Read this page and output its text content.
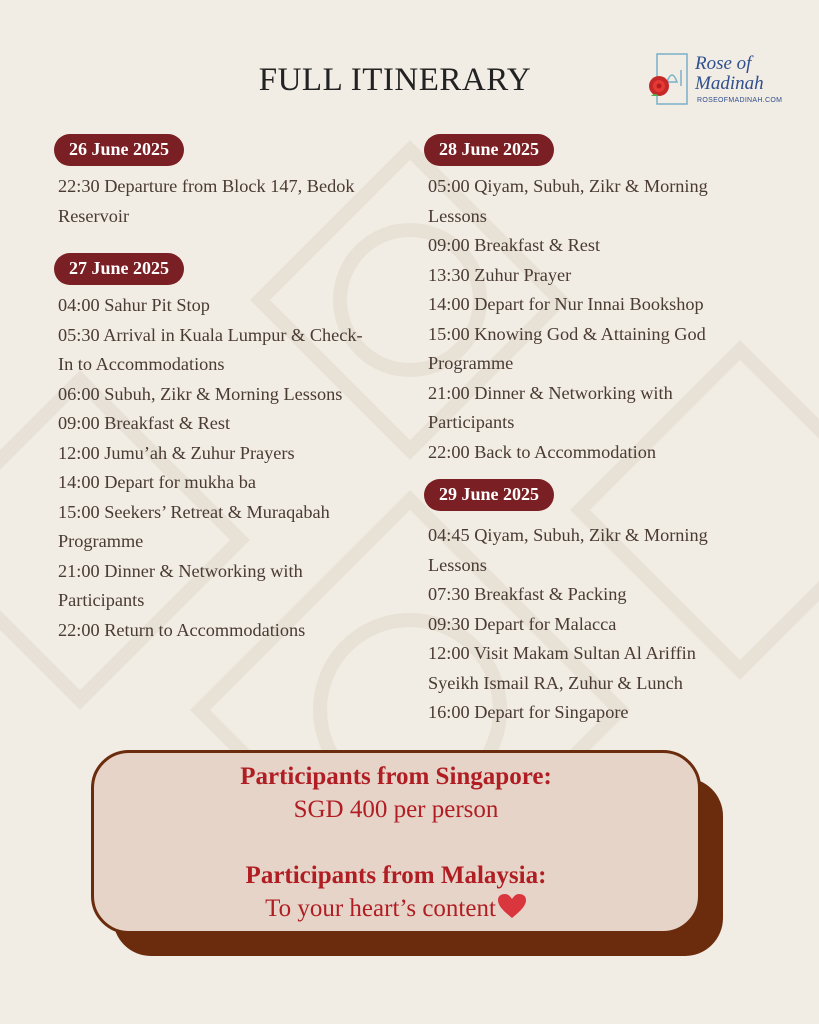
FULL ITINERARY	Rose of
Madinah
ROSEOFMADINAH.COM
26 June 2025
22:30 Departure from Block 147, Bedok
Reservoir
27 June 2025
04:00 Sahur Pit Stop
05:30 Arrival in Kuala Lumpur & Check-
In to Accommodations
06:00 Subuh, Zikr & Morning Lessons
09:00 Breakfast & Rest
12:00 Jumu’ah & Zuhur Prayers
14:00 Depart for mukha ba
15:00 Seekers’ Retreat & Muraqabah
Programme
21:00 Dinner & Networking with
Participants
22:00 Return to Accommodations
28 June 2025
05:00 Qiyam, Subuh, Zikr & Morning
Lessons
09:00 Breakfast & Rest
13:30 Zuhur Prayer
14:00 Depart for Nur Innai Bookshop
15:00 Knowing God & Attaining God
Programme
21:00 Dinner & Networking with
Participants
22:00 Back to Accommodation
29 June 2025
04:45 Qiyam, Subuh, Zikr & Morning
Lessons
07:30 Breakfast & Packing
09:30 Depart for Malacca
12:00 Visit Makam Sultan Al Ariffin
Syeikh Ismail RA, Zuhur & Lunch
16:00 Depart for Singapore
Participants from Singapore:
SGD 400 per person
Participants from Malaysia:
To your heart’s content
